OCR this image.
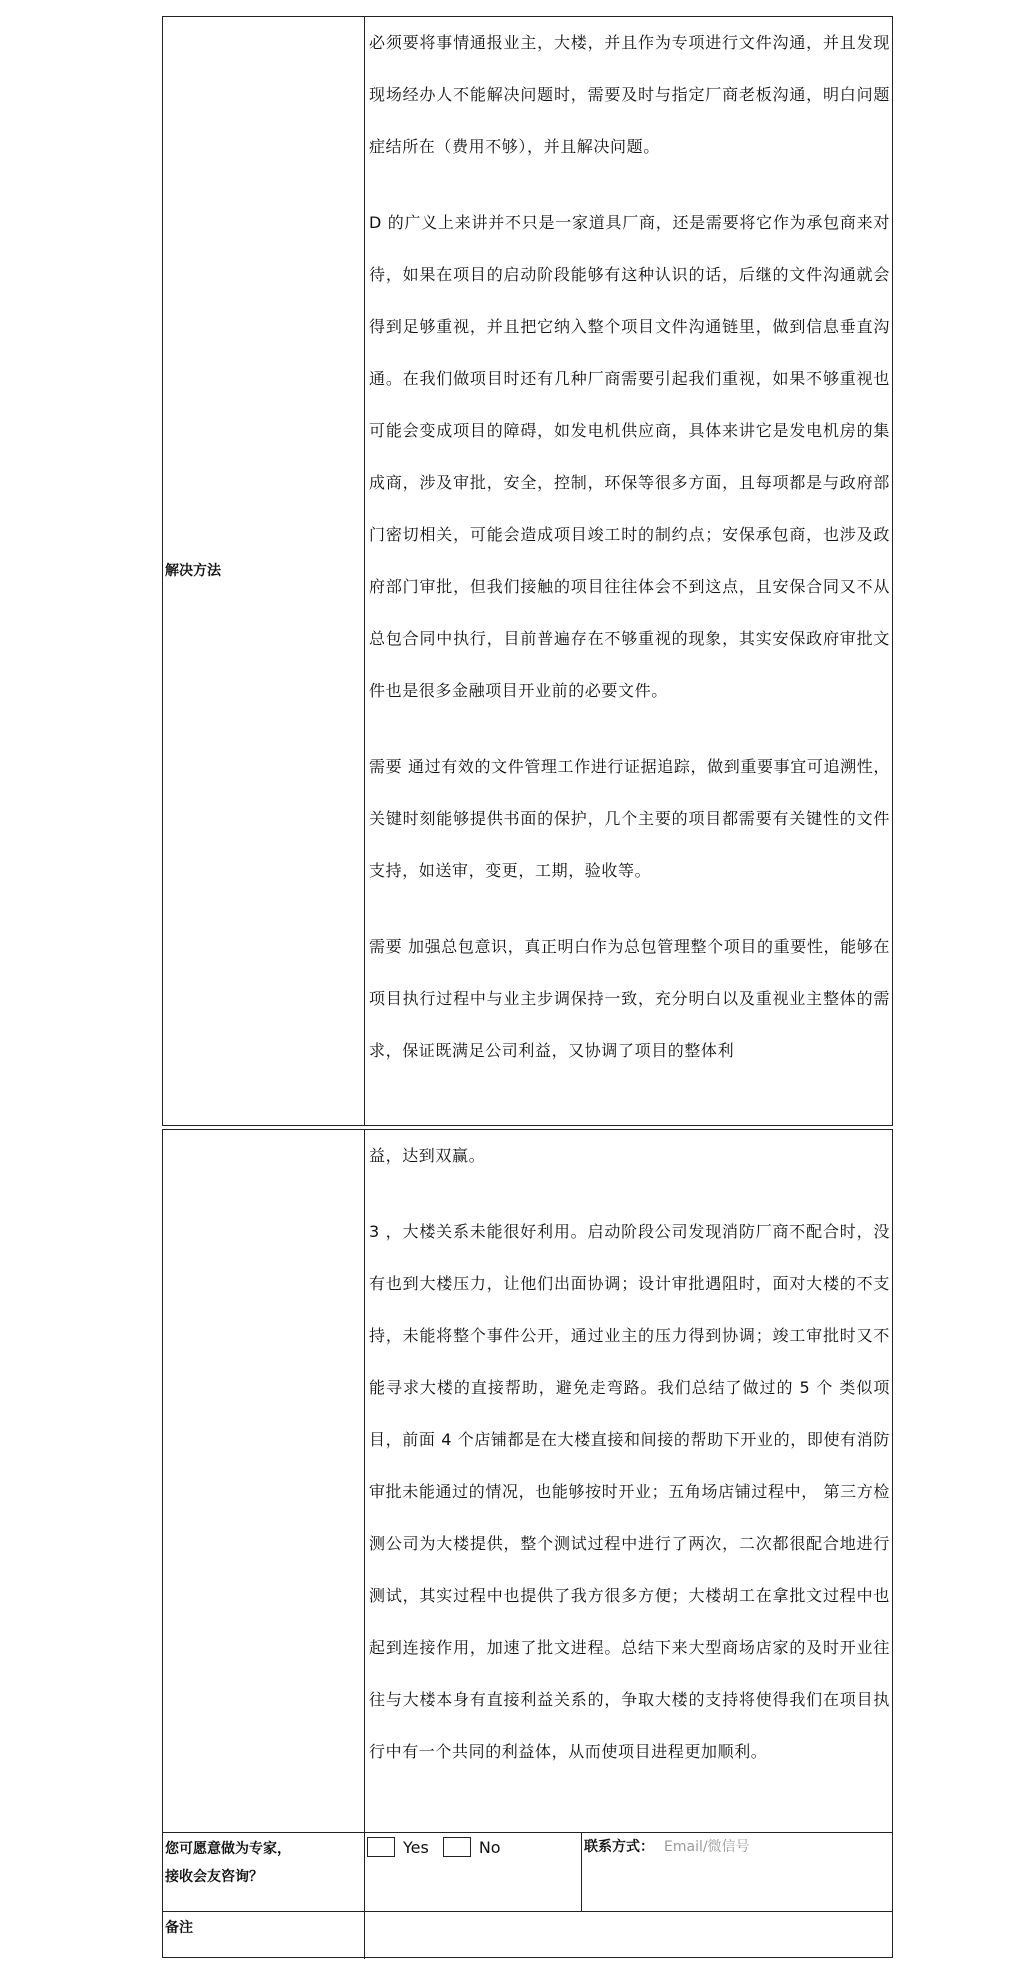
解决方法

必须要将事情通报业主，大楼，并且作为专项进行文件沟通，并且发现现场经办人不能解决问题时，需要及时与指定厂商老板沟通，明白问题症结所在（费用不够），并且解决问题。

D 的广义上来讲并不只是一家道具厂商，还是需要将它作为承包商来对待，如果在项目的启动阶段能够有这种认识的话，后继的文件沟通就会得到足够重视，并且把它纳入整个项目文件沟通链里，做到信息垂直沟通。在我们做项目时还有几种厂商需要引起我们重视，如果不够重视也可能会变成项目的障碍，如发电机供应商，具体来讲它是发电机房的集成商，涉及审批，安全，控制，环保等很多方面，且每项都是与政府部门密切相关，可能会造成项目竣工时的制约点；安保承包商，也涉及政府部门审批，但我们接触的项目往往体会不到这点，且安保合同又不从总包合同中执行，目前普遍存在不够重视的现象，其实安保政府审批文件也是很多金融项目开业前的必要文件。

需要 通过有效的文件管理工作进行证据追踪，做到重要事宜可追溯性，关键时刻能够提供书面的保护，几个主要的项目都需要有关键性的文件支持，如送审，变更，工期，验收等。

需要 加强总包意识，真正明白作为总包管理整个项目的重要性，能够在项目执行过程中与业主步调保持一致，充分明白以及重视业主整体的需求，保证既满足公司利益，又协调了项目的整体利

益，达到双赢。

3 ，大楼关系未能很好利用。启动阶段公司发现消防厂商不配合时，没有也到大楼压力，让他们出面协调；设计审批遇阻时，面对大楼的不支持，未能将整个事件公开，通过业主的压力得到协调；竣工审批时又不能寻求大楼的直接帮助，避免走弯路。我们总结了做过的 5 个 类似项目，前面 4 个店铺都是在大楼直接和间接的帮助下开业的，即使有消防审批未能通过的情况，也能够按时开业；五角场店铺过程中， 第三方检测公司为大楼提供，整个测试过程中进行了两次，二次都很配合地进行测试，其实过程中也提供了我方很多方便；大楼胡工在拿批文过程中也起到连接作用，加速了批文进程。总结下来大型商场店家的及时开业往往与大楼本身有直接利益关系的，争取大楼的支持将使得我们在项目执行中有一个共同的利益体，从而使项目进程更加顺利。

您可愿意做为专家，
接收会友咨询？
Yes	No	联系方式：
Email/微信号
备注
